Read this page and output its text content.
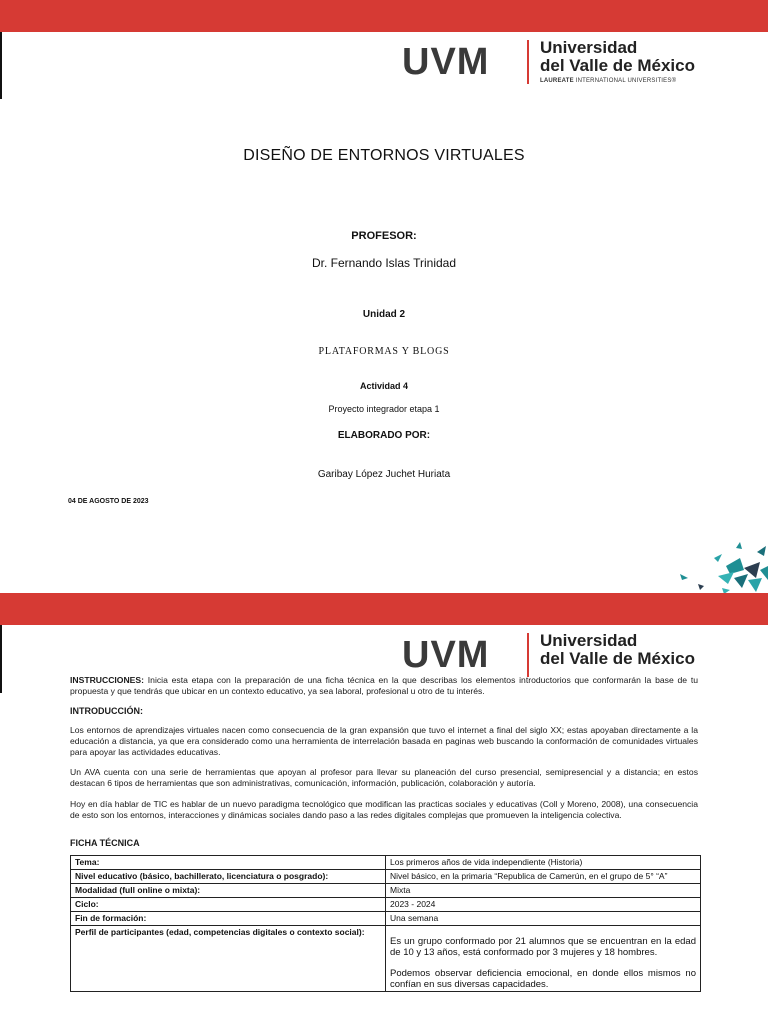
UVM	Universidad
del Valle de México
LAUREATE INTERNATIONAL UNIVERSITIES®
DISEÑO DE ENTORNOS VIRTUALES
PROFESOR:
Dr. Fernando Islas Trinidad
Unidad 2
PLATAFORMAS Y BLOGS
Actividad 4
Proyecto integrador etapa 1
ELABORADO POR:
Garibay López Juchet Huriata
04 DE AGOSTO DE 2023
UVM	Universidad
del Valle de México
INSTRUCCIONES: Inicia esta etapa con la preparación de una ficha técnica en la que describas los elementos introductorios que conformarán la base de tu propuesta y que tendrás que ubicar en un contexto educativo, ya sea laboral, profesional u otro de tu interés.
INTRODUCCIÓN:
Los entornos de aprendizajes virtuales nacen como consecuencia de la gran expansión que tuvo el internet a final del siglo XX; estas apoyaban directamente a la educación a distancia, ya que era considerado como una herramienta de interrelación basada en paginas web buscando la conformación de comunidades virtuales para apoyar las actividades educativas.
Un AVA cuenta con una serie de herramientas que apoyan al profesor para llevar su planeación del curso presencial, semipresencial y a distancia; en estos destacan 6 tipos de herramientas que son administrativas, comunicación, información, publicación, colaboración y autoría.
Hoy en día hablar de TIC es hablar de un nuevo paradigma tecnológico que modifican las practicas sociales y educativas (Coll y Moreno, 2008), una consecuencia de esto son los entornos, interacciones y dinámicas sociales dando paso a las redes digitales complejas que promueven la inteligencia colectiva.
FICHA TÉCNICA
Tema:	Los primeros años de vida independiente (Historia)
Nivel educativo (básico, bachillerato, licenciatura o posgrado):	Nivel básico, en la primaria “Republica de Camerún, en el grupo de 5° “A”
Modalidad (full online o mixta):	Mixta
Ciclo:	2023 - 2024
Fin de formación:	Una semana
Perfil de participantes (edad, competencias digitales o contexto social):	Es un grupo conformado por 21 alumnos que se encuentran en la edad de 10 y 13 años, está conformado por 3 mujeres y 18 hombres.

Podemos observar deficiencia emocional, en donde ellos mismos no confían en sus diversas capacidades.
